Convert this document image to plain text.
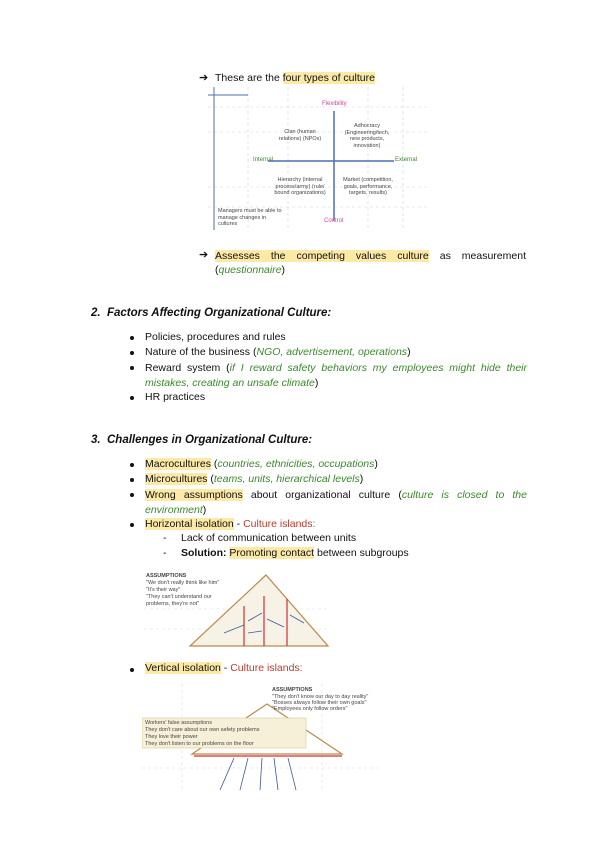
➔ These are the four types of culture
Flexibility
Control
Internal	External
Clan (human relations) (NPOs)
Adhocracy (Engineering/tech, new products, innovation)
Hierarchy (internal process/army) (rule/ bound organizations)
Market (competition, goals, performance, targets, results)
Managers must be able to manage changes in cultures
➔ Assesses the competing values culture as measurement
(questionnaire)
2. Factors Affecting Organizational Culture:
Policies, procedures and rules
Nature of the business (NGO, advertisement, operations)
Reward system (if I reward safety behaviors my employees might hide their mistakes, creating an unsafe climate)
HR practices
3. Challenges in Organizational Culture:
Macrocultures (countries, ethnicities, occupations)
Microcultures (teams, units, hierarchical levels)
Wrong assumptions about organizational culture (culture is closed to the environment)
Horizontal isolation - Culture islands:
- Lack of communication between units
- Solution: Promoting contact between subgroups
ASSUMPTIONS
"We don't really think like him"
"It's their way"
"They can't understand our problems, they're not"
Vertical isolation - Culture islands:
ASSUMPTIONS
"They don't know our day to day reality"
"Bosses always follow their own goals"
"Employees only follow orders"
Workers' false assumptions
They don't care about our own safety problems
They love their power
They don't listen to our problems on the floor
